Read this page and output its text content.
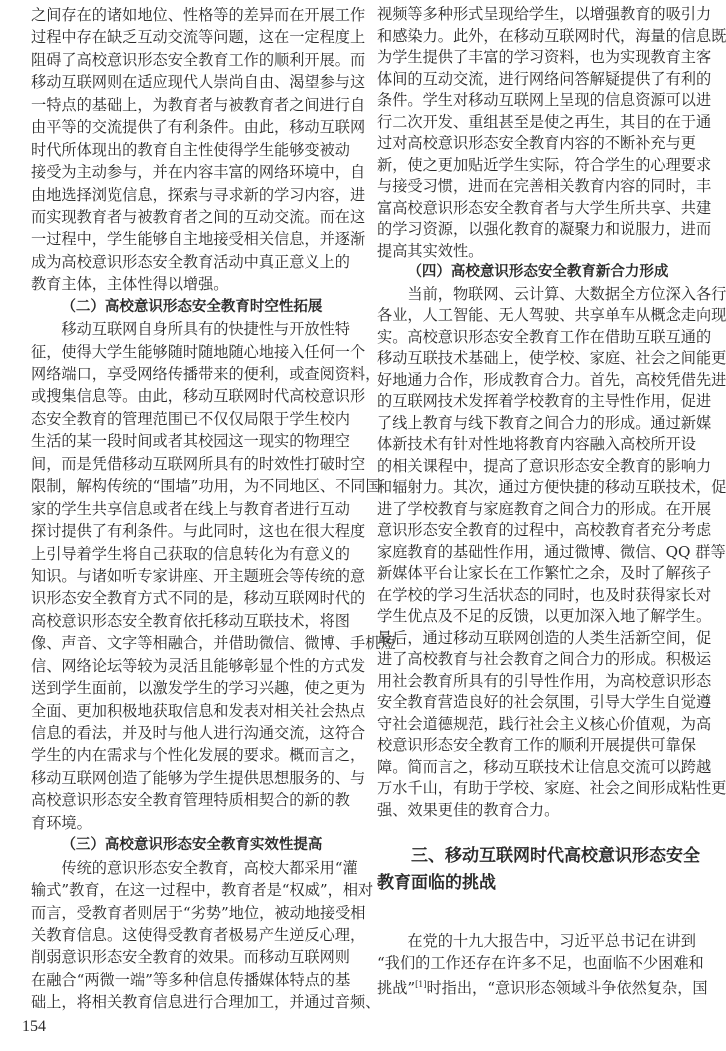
之间存在的诸如地位、性格等的差异而在开展工作
过程中存在缺乏互动交流等问题，这在一定程度上
阻碍了高校意识形态安全教育工作的顺利开展。而
移动互联网则在适应现代人崇尚自由、渴望参与这
一特点的基础上，为教育者与被教育者之间进行自
由平等的交流提供了有利条件。由此，移动互联网
时代所体现出的教育自主性使得学生能够变被动
接受为主动参与，并在内容丰富的网络环境中，自
由地选择浏览信息，探索与寻求新的学习内容，进
而实现教育者与被教育者之间的互动交流。而在这
一过程中，学生能够自主地接受相关信息，并逐渐
成为高校意识形态安全教育活动中真正意义上的
教育主体，主体性得以增强。
（二）高校意识形态安全教育时空性拓展
移动互联网自身所具有的快捷性与开放性特
征，使得大学生能够随时随地随心地接入任何一个
网络端口，享受网络传播带来的便利，或查阅资料，
或搜集信息等。由此，移动互联网时代高校意识形
态安全教育的管理范围已不仅仅局限于学生校内
生活的某一段时间或者其校园这一现实的物理空
间，而是凭借移动互联网所具有的时效性打破时空
限制，解构传统的“围墙”功用，为不同地区、不同国
家的学生共享信息或者在线上与教育者进行互动
探讨提供了有利条件。与此同时，这也在很大程度
上引导着学生将自己获取的信息转化为有意义的
知识。与诸如听专家讲座、开主题班会等传统的意
识形态安全教育方式不同的是，移动互联网时代的
高校意识形态安全教育依托移动互联技术，将图
像、声音、文字等相融合，并借助微信、微博、手机短
信、网络论坛等较为灵活且能够彰显个性的方式发
送到学生面前，以激发学生的学习兴趣，使之更为
全面、更加积极地获取信息和发表对相关社会热点
信息的看法，并及时与他人进行沟通交流，这符合
学生的内在需求与个性化发展的要求。概而言之，
移动互联网创造了能够为学生提供思想服务的、与
高校意识形态安全教育管理特质相契合的新的教
育环境。
（三）高校意识形态安全教育实效性提高
传统的意识形态安全教育，高校大都采用“灌
输式”教育，在这一过程中，教育者是“权威”，相对
而言，受教育者则居于“劣势”地位，被动地接受相
关教育信息。这使得受教育者极易产生逆反心理，
削弱意识形态安全教育的效果。而移动互联网则
在融合“两微一端”等多种信息传播媒体特点的基
础上，将相关教育信息进行合理加工，并通过音频、
视频等多种形式呈现给学生，以增强教育的吸引力
和感染力。此外，在移动互联网时代，海量的信息既
为学生提供了丰富的学习资料，也为实现教育主客
体间的互动交流，进行网络问答解疑提供了有利的
条件。学生对移动互联网上呈现的信息资源可以进
行二次开发、重组甚至是使之再生，其目的在于通
过对高校意识形态安全教育内容的不断补充与更
新，使之更加贴近学生实际，符合学生的心理要求
与接受习惯，进而在完善相关教育内容的同时，丰
富高校意识形态安全教育者与大学生所共享、共建
的学习资源，以强化教育的凝聚力和说服力，进而
提高其实效性。
（四）高校意识形态安全教育新合力形成
当前，物联网、云计算、大数据全方位深入各行
各业，人工智能、无人驾驶、共享单车从概念走向现
实。高校意识形态安全教育工作在借助互联互通的
移动互联技术基础上，使学校、家庭、社会之间能更
好地通力合作，形成教育合力。首先，高校凭借先进
的互联网技术发挥着学校教育的主导性作用，促进
了线上教育与线下教育之间合力的形成。通过新媒
体新技术有针对性地将教育内容融入高校所开设
的相关课程中，提高了意识形态安全教育的影响力
和辐射力。其次，通过方便快捷的移动互联技术，促
进了学校教育与家庭教育之间合力的形成。在开展
意识形态安全教育的过程中，高校教育者充分考虑
家庭教育的基础性作用，通过微博、微信、QQ 群等
新媒体平台让家长在工作繁忙之余，及时了解孩子
在学校的学习生活状态的同时，也及时获得家长对
学生优点及不足的反馈，以更加深入地了解学生。
最后，通过移动互联网创造的人类生活新空间，促
进了高校教育与社会教育之间合力的形成。积极运
用社会教育所具有的引导性作用，为高校意识形态
安全教育营造良好的社会氛围，引导大学生自觉遵
守社会道德规范，践行社会主义核心价值观，为高
校意识形态安全教育工作的顺利开展提供可靠保
障。简而言之，移动互联技术让信息交流可以跨越
万水千山，有助于学校、家庭、社会之间形成粘性更
强、效果更佳的教育合力。
三、移动互联网时代高校意识形态安全
教育面临的挑战
在党的十九大报告中，习近平总书记在讲到
“我们的工作还存在许多不足，也面临不少困难和
挑战”[1]时指出，“意识形态领域斗争依然复杂，国
154
